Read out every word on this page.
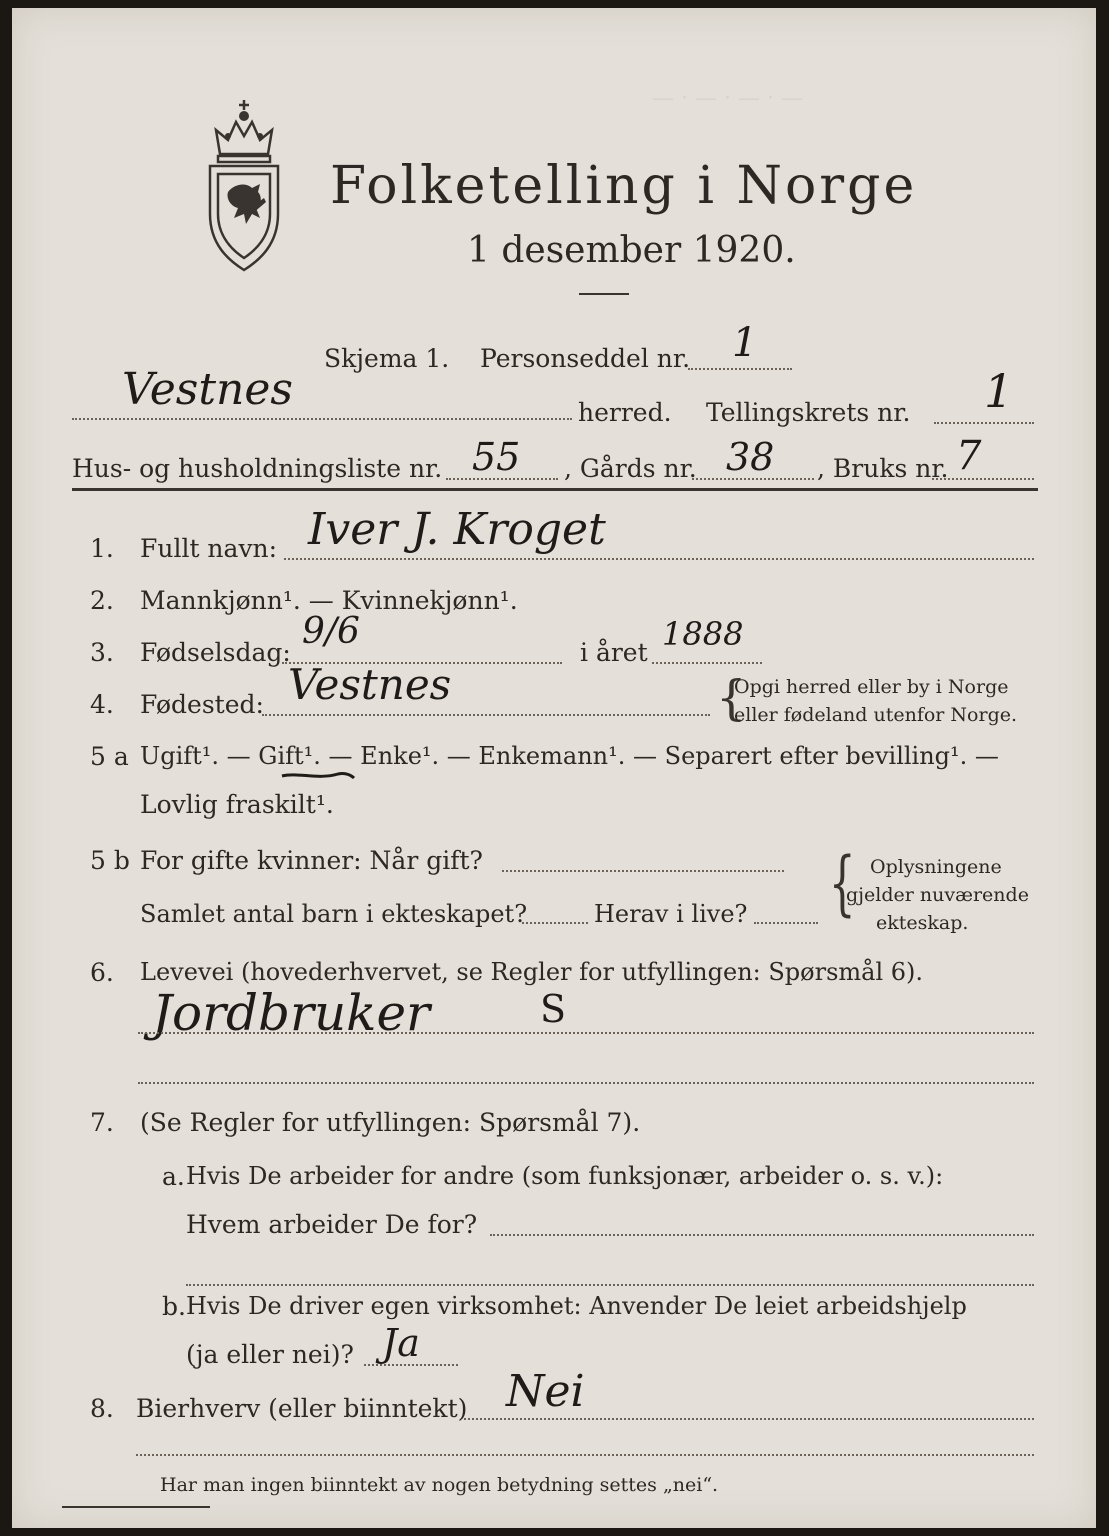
— · — · — · —
Folketelling i Norge
1 desember 1920.
Skjema 1. Personseddel nr. 1
Vestnes	herred. Tellingskrets nr. 1
Hus- og husholdningsliste nr. 55 , Gårds nr. 38 , Bruks nr. 7
1. Fullt navn: Iver J. Kroget
2. Mannkjønn¹. — Kvinnekjønn¹.
3. Fødselsdag:
9/6
i året 1888
4. Fødested: Vestnes	{
Opgi herred eller by i Norge
eller fødeland utenfor Norge.
5 a Ugift¹. — Gift¹. — Enke¹. — Enkemann¹. — Separert efter bevilling¹. —
Lovlig fraskilt¹.
5 b For gifte kvinner: Når gift?
Samlet antal barn i ekteskapet?	Herav i live? { Oplysningene
gjelder nuværende
ekteskap.
6. Levevei (hovederhvervet, se Regler for utfyllingen: Spørsmål 6).
Jordbruker	S
7. (Se Regler for utfyllingen: Spørsmål 7).
a. Hvis De arbeider for andre (som funksjonær, arbeider o. s. v.):
Hvem arbeider De for?
b. Hvis De driver egen virksomhet: Anvender De leiet arbeidshjelp
(ja eller nei)? Ja
8. Bierhverv (eller biinntekt) Nei
Har man ingen biinntekt av nogen betydning settes „nei“.
